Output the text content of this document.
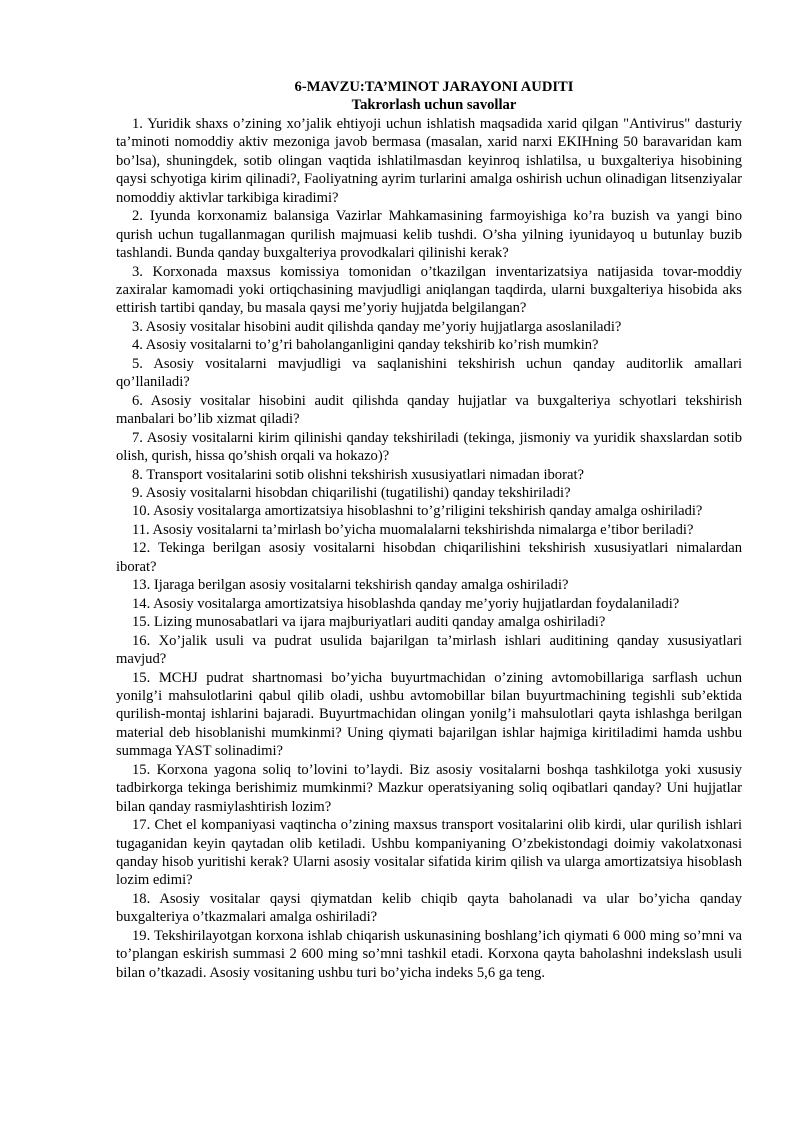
6-MAVZU:TA’MINOT JARAYONI AUDITI

Takrorlash uchun savollar

1. Yuridik shaxs o’zining xo’jalik ehtiyoji uchun ishlatish maqsadida xarid qilgan "Antivirus" dasturiy ta’minoti nomoddiy aktiv mezoniga javob bermasa (masalan, xarid narxi EKIHning 50 baravaridan kam bo’lsa), shuningdek, sotib olingan vaqtida ishlatilmasdan keyinroq ishlatilsa, u buxgalteriya hisobining qaysi schyotiga kirim qilinadi?, Faoliyatning ayrim turlarini amalga oshirish uchun olinadigan litsenziyalar nomoddiy aktivlar tarkibiga kiradimi?

2. Iyunda korxonamiz balansiga Vazirlar Mahkamasining farmoyishiga ko’ra buzish va yangi bino qurish uchun tugallanmagan qurilish majmuasi kelib tushdi. O’sha yilning iyunidayoq u butunlay buzib tashlandi. Bunda qanday buxgalteriya provodkalari qilinishi kerak?

3. Korxonada maxsus komissiya tomonidan o’tkazilgan inventarizatsiya natijasida tovar-moddiy zaxiralar kamomadi yoki ortiqchasining mavjudligi aniqlangan taqdirda, ularni buxgalteriya hisobida aks ettirish tartibi qanday, bu masala qaysi me’yoriy hujjatda belgilangan?

3. Asosiy vositalar hisobini audit qilishda qanday me’yoriy hujjatlarga asoslaniladi?

4. Asosiy vositalarni to’g’ri baholanganligini qanday tekshirib ko’rish mumkin?

5. Asosiy vositalarni mavjudligi va saqlanishini tekshirish uchun qanday auditorlik amallari qo’llaniladi?

6. Asosiy vositalar hisobini audit qilishda qanday hujjatlar va buxgalteriya schyotlari tekshirish manbalari bo’lib xizmat qiladi?

7. Asosiy vositalarni kirim qilinishi qanday tekshiriladi (tekinga, jismoniy va yuridik shaxslardan sotib olish, qurish, hissa qo’shish orqali va hokazo)?

8. Transport vositalarini sotib olishni tekshirish xususiyatlari nimadan iborat?

9. Asosiy vositalarni hisobdan chiqarilishi (tugatilishi) qanday tekshiriladi?

10. Asosiy vositalarga amortizatsiya hisoblashni to’g’riligini tekshirish qanday amalga oshiriladi?

11. Asosiy vositalarni ta’mirlash bo’yicha muomalalarni tekshirishda nimalarga e’tibor beriladi?

12. Tekinga berilgan asosiy vositalarni hisobdan chiqarilishini tekshirish xususiyatlari nimalardan iborat?

13. Ijaraga berilgan asosiy vositalarni tekshirish qanday amalga oshiriladi?

14. Asosiy vositalarga amortizatsiya hisoblashda qanday me’yoriy hujjatlardan foydalaniladi?

15. Lizing munosabatlari va ijara majburiyatlari auditi qanday amalga oshiriladi?

16. Xo’jalik usuli va pudrat usulida bajarilgan ta’mirlash ishlari auditining qanday xususiyatlari mavjud?

15. MCHJ pudrat shartnomasi bo’yicha buyurtmachidan o’zining avtomobillariga sarflash uchun yonilg’i mahsulotlarini qabul qilib oladi, ushbu avtomobillar bilan buyurtmachining tegishli sub’ektida qurilish-montaj ishlarini bajaradi. Buyurtmachidan olingan yonilg’i mahsulotlari qayta ishlashga berilgan material deb hisoblanishi mumkinmi? Uning qiymati bajarilgan ishlar hajmiga kiritiladimi hamda ushbu summaga YAST solinadimi?

15. Korxona yagona soliq to’lovini to’laydi. Biz asosiy vositalarni boshqa tashkilotga yoki xususiy tadbirkorga tekinga berishimiz mumkinmi? Mazkur operatsiyaning soliq oqibatlari qanday? Uni hujjatlar bilan qanday rasmiylashtirish lozim?

17. Chet el kompaniyasi vaqtincha o’zining maxsus transport vositalarini olib kirdi, ular qurilish ishlari tugaganidan keyin qaytadan olib ketiladi. Ushbu kompaniyaning O’zbekistondagi doimiy vakolatxonasi qanday hisob yuritishi kerak? Ularni asosiy vositalar sifatida kirim qilish va ularga amortizatsiya hisoblash lozim edimi?

18. Asosiy vositalar qaysi qiymatdan kelib chiqib qayta baholanadi va ular bo’yicha qanday buxgalteriya o’tkazmalari amalga oshiriladi?

19. Tekshirilayotgan korxona ishlab chiqarish uskunasining boshlang’ich qiymati 6 000 ming so’mni va to’plangan eskirish summasi 2 600 ming so’mni tashkil etadi. Korxona qayta baholashni indekslash usuli bilan o’tkazadi. Asosiy vositaning ushbu turi bo’yicha indeks 5,6 ga teng.
